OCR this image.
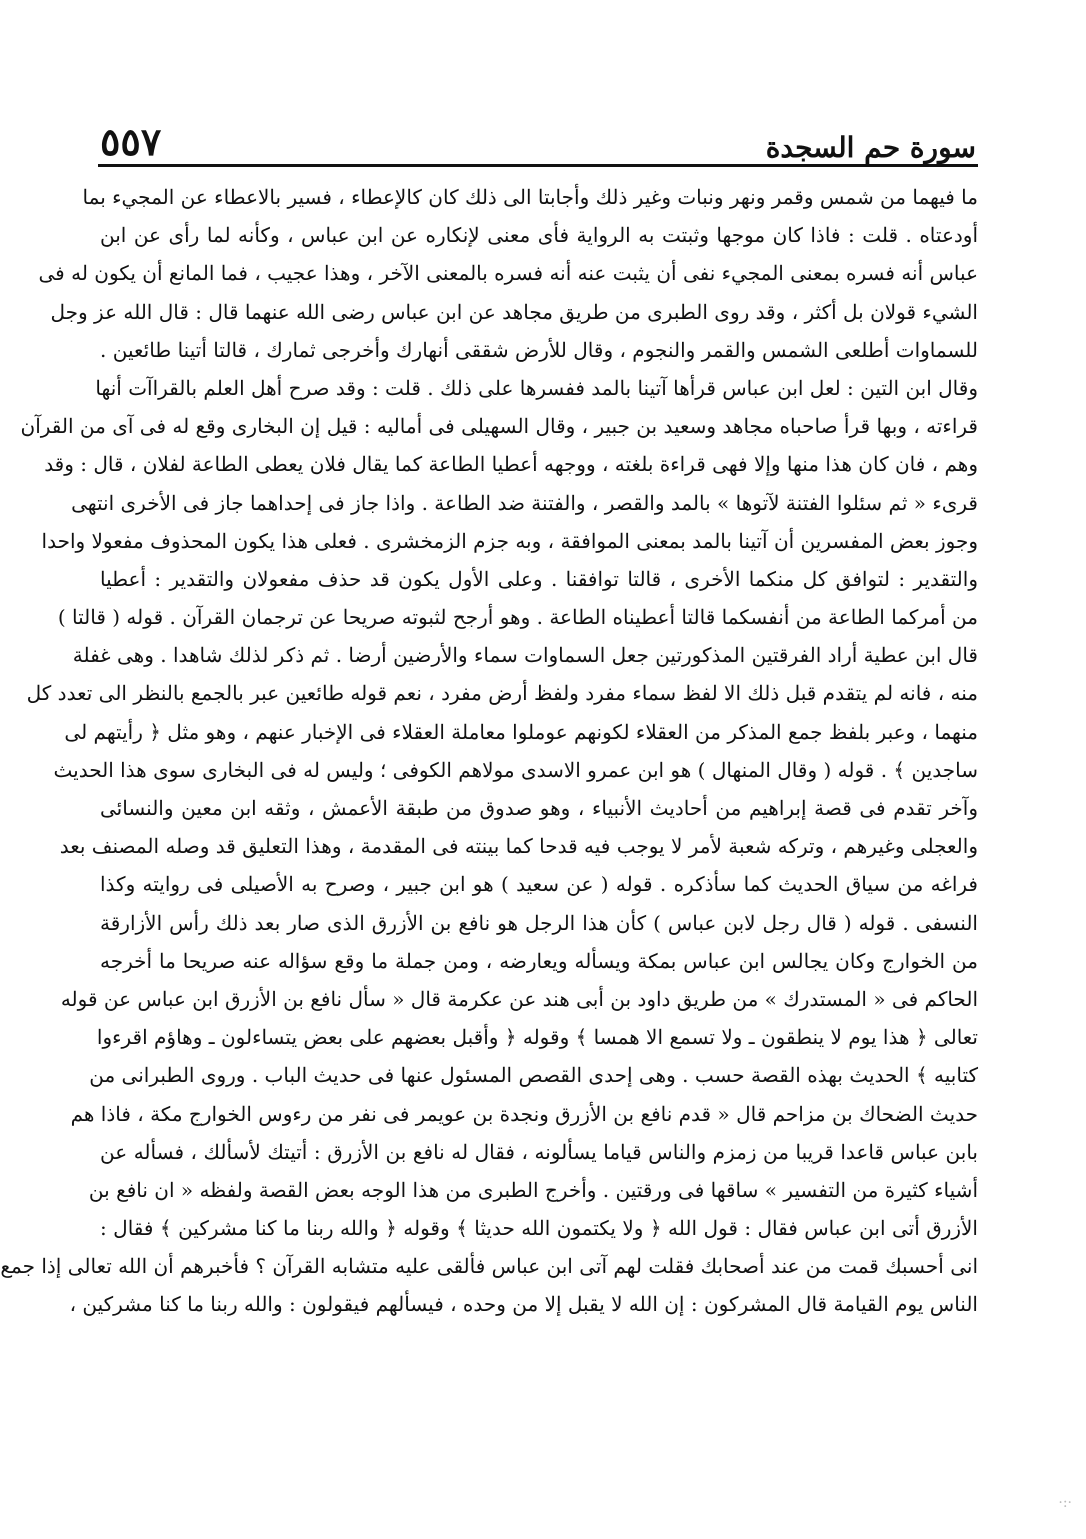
سورة حم السجدة
٥٥٧
ما فيهما من شمس وقمر ونهر ونبات وغير ذلك وأجابتا الى ذلك كان كالإعطاء ، فسير بالاعطاء عن المجيء بما
أودعتاه . قلت : فاذا كان موجها وثبتت به الرواية فأى معنى لإنكاره عن ابن عباس ، وكأنه لما رأى عن ابن
عباس أنه فسره بمعنى المجيء نفى أن يثبت عنه أنه فسره بالمعنى الآخر ، وهذا عجيب ، فما المانع أن يكون له فى
الشيء قولان بل أكثر ، وقد روى الطبرى من طريق مجاهد عن ابن عباس رضى الله عنهما قال : قال الله عز وجل
للسماوات أطلعى الشمس والقمر والنجوم ، وقال للأرض شققى أنهارك وأخرجى ثمارك ، قالتا أتينا طائعين .
وقال ابن التين : لعل ابن عباس قرأها آتينا بالمد ففسرها على ذلك . قلت : وقد صرح أهل العلم بالقراآت أنها
قراءته ، وبها قرأ صاحباه مجاهد وسعيد بن جبير ، وقال السهيلى فى أماليه : قيل إن البخارى وقع له فى آى من القرآن
وهم ، فان كان هذا منها وإلا فهى قراءة بلغته ، ووجهه أعطيا الطاعة كما يقال فلان يعطى الطاعة لفلان ، قال : وقد
قرىء « ثم سئلوا الفتنة لآتوها » بالمد والقصر ، والفتنة ضد الطاعة . واذا جاز فى إحداهما جاز فى الأخرى انتهى
وجوز بعض المفسرين أن آتينا بالمد بمعنى الموافقة ، وبه جزم الزمخشرى . فعلى هذا يكون المحذوف مفعولا واحدا
والتقدير : لتوافق كل منكما الأخرى ، قالتا توافقنا . وعلى الأول يكون قد حذف مفعولان والتقدير : أعطيا
من أمركما الطاعة من أنفسكما قالتا أعطيناه الطاعة . وهو أرجح لثبوته صريحا عن ترجمان القرآن . قوله ( قالتا )
قال ابن عطية أراد الفرقتين المذكورتين جعل السماوات سماء والأرضين أرضا . ثم ذكر لذلك شاهدا . وهى غفلة
منه ، فانه لم يتقدم قبل ذلك الا لفظ سماء مفرد ولفظ أرض مفرد ، نعم قوله طائعين عبر بالجمع بالنظر الى تعدد كل
منهما ، وعبر بلفظ جمع المذكر من العقلاء لكونهم عوملوا معاملة العقلاء فى الإخبار عنهم ، وهو مثل ﴿ رأيتهم لى
ساجدين ﴾ . قوله ( وقال المنهال ) هو ابن عمرو الاسدى مولاهم الكوفى ؛ وليس له فى البخارى سوى هذا الحديث
وآخر تقدم فى قصة إبراهيم من أحاديث الأنبياء ، وهو صدوق من طبقة الأعمش ، وثقه ابن معين والنسائى
والعجلى وغيرهم ، وتركه شعبة لأمر لا يوجب فيه قدحا كما بينته فى المقدمة ، وهذا التعليق قد وصله المصنف بعد
فراغه من سياق الحديث كما سأذكره . قوله ( عن سعيد ) هو ابن جبير ، وصرح به الأصيلى فى روايته وكذا
النسفى . قوله ( قال رجل لابن عباس ) كأن هذا الرجل هو نافع بن الأزرق الذى صار بعد ذلك رأس الأزارقة
من الخوارج وكان يجالس ابن عباس بمكة ويسأله ويعارضه ، ومن جملة ما وقع سؤاله عنه صريحا ما أخرجه
الحاكم فى « المستدرك » من طريق داود بن أبى هند عن عكرمة قال « سأل نافع بن الأزرق ابن عباس عن قوله
تعالى ﴿ هذا يوم لا ينطقون ـ ولا تسمع الا همسا ﴾ وقوله ﴿ وأقبل بعضهم على بعض يتساءلون ـ وهاؤم اقرءوا
كتابيه ﴾ الحديث بهذه القصة حسب . وهى إحدى القصص المسئول عنها فى حديث الباب . وروى الطبرانى من
حديث الضحاك بن مزاحم قال « قدم نافع بن الأزرق ونجدة بن عويمر فى نفر من رءوس الخوارج مكة ، فاذا هم
بابن عباس قاعدا قريبا من زمزم والناس قياما يسألونه ، فقال له نافع بن الأزرق : أتيتك لأسألك ، فسأله عن
أشياء كثيرة من التفسير » ساقها فى ورقتين . وأخرج الطبرى من هذا الوجه بعض القصة ولفظه « ان نافع بن
الأزرق أتى ابن عباس فقال : قول الله ﴿ ولا يكتمون الله حديثا ﴾ وقوله ﴿ والله ربنا ما كنا مشركين ﴾ فقال :
انى أحسبك قمت من عند أصحابك فقلت لهم آتى ابن عباس فألقى عليه متشابه القرآن ؟ فأخبرهم أن الله تعالى إذا جمع
الناس يوم القيامة قال المشركون : إن الله لا يقبل إلا من وحده ، فيسألهم فيقولون : والله ربنا ما كنا مشركين ،
·:·
